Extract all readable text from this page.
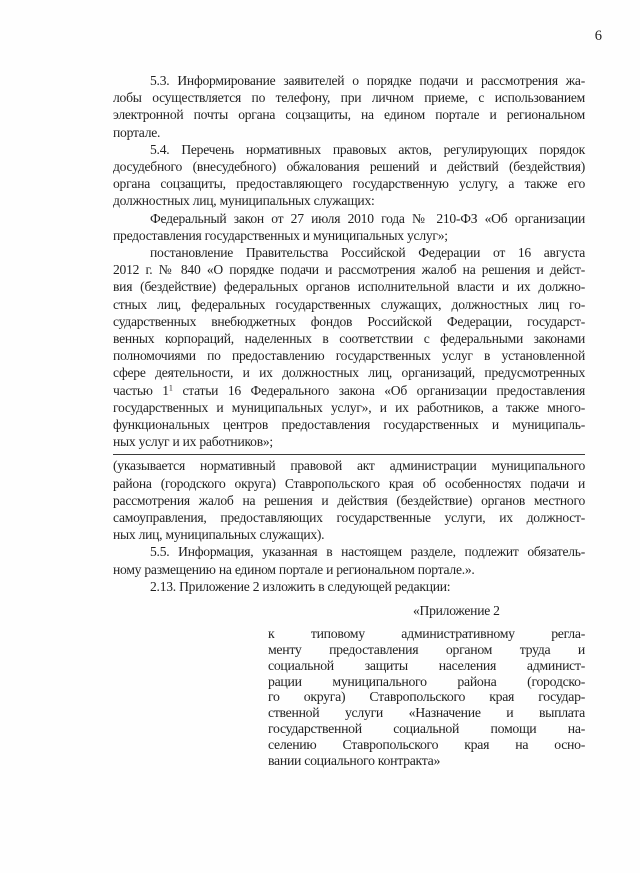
6
5.3. Информирование заявителей о порядке подачи и рассмотрения жа-
лобы осуществляется по телефону, при личном приеме, с использованием
электронной почты органа соцзащиты, на едином портале и региональном
портале.
5.4. Перечень нормативных правовых актов, регулирующих порядок
досудебного (внесудебного) обжалования решений и действий (бездействия)
органа соцзащиты, предоставляющего государственную услугу, а также его
должностных лиц, муниципальных служащих:
Федеральный закон от 27 июля 2010 года № 210-ФЗ «Об организации
предоставления государственных и муниципальных услуг»;
постановление Правительства Российской Федерации от 16 августа
2012 г. № 840 «О порядке подачи и рассмотрения жалоб на решения и дейст-
вия (бездействие) федеральных органов исполнительной власти и их должно-
стных лиц, федеральных государственных служащих, должностных лиц го-
сударственных внебюджетных фондов Российской Федерации, государст-
венных корпораций, наделенных в соответствии с федеральными законами
полномочиями по предоставлению государственных услуг в установленной
сфере деятельности, и их должностных лиц, организаций, предусмотренных
частью 1$^1$ статьи 16 Федерального закона «Об организации предоставления
государственных и муниципальных услуг», и их работников, а также много-
функциональных центров предоставления государственных и муниципаль-
ных услуг и их работников»;
(указывается нормативный правовой акт администрации муниципального
района (городского округа) Ставропольского края об особенностях подачи и
рассмотрения жалоб на решения и действия (бездействие) органов местного
самоуправления, предоставляющих государственные услуги, их должност-
ных лиц, муниципальных служащих).
5.5. Информация, указанная в настоящем разделе, подлежит обязатель-
ному размещению на едином портале и региональном портале.».
2.13. Приложение 2 изложить в следующей редакции:
«Приложение 2
к типовому административному регла-
менту предоставления органом труда и
социальной защиты населения админист-
рации муниципального района (городско-
го округа) Ставропольского края государ-
ственной услуги «Назначение и выплата
государственной социальной помощи на-
селению Ставропольского края на осно-
вании социального контракта»
